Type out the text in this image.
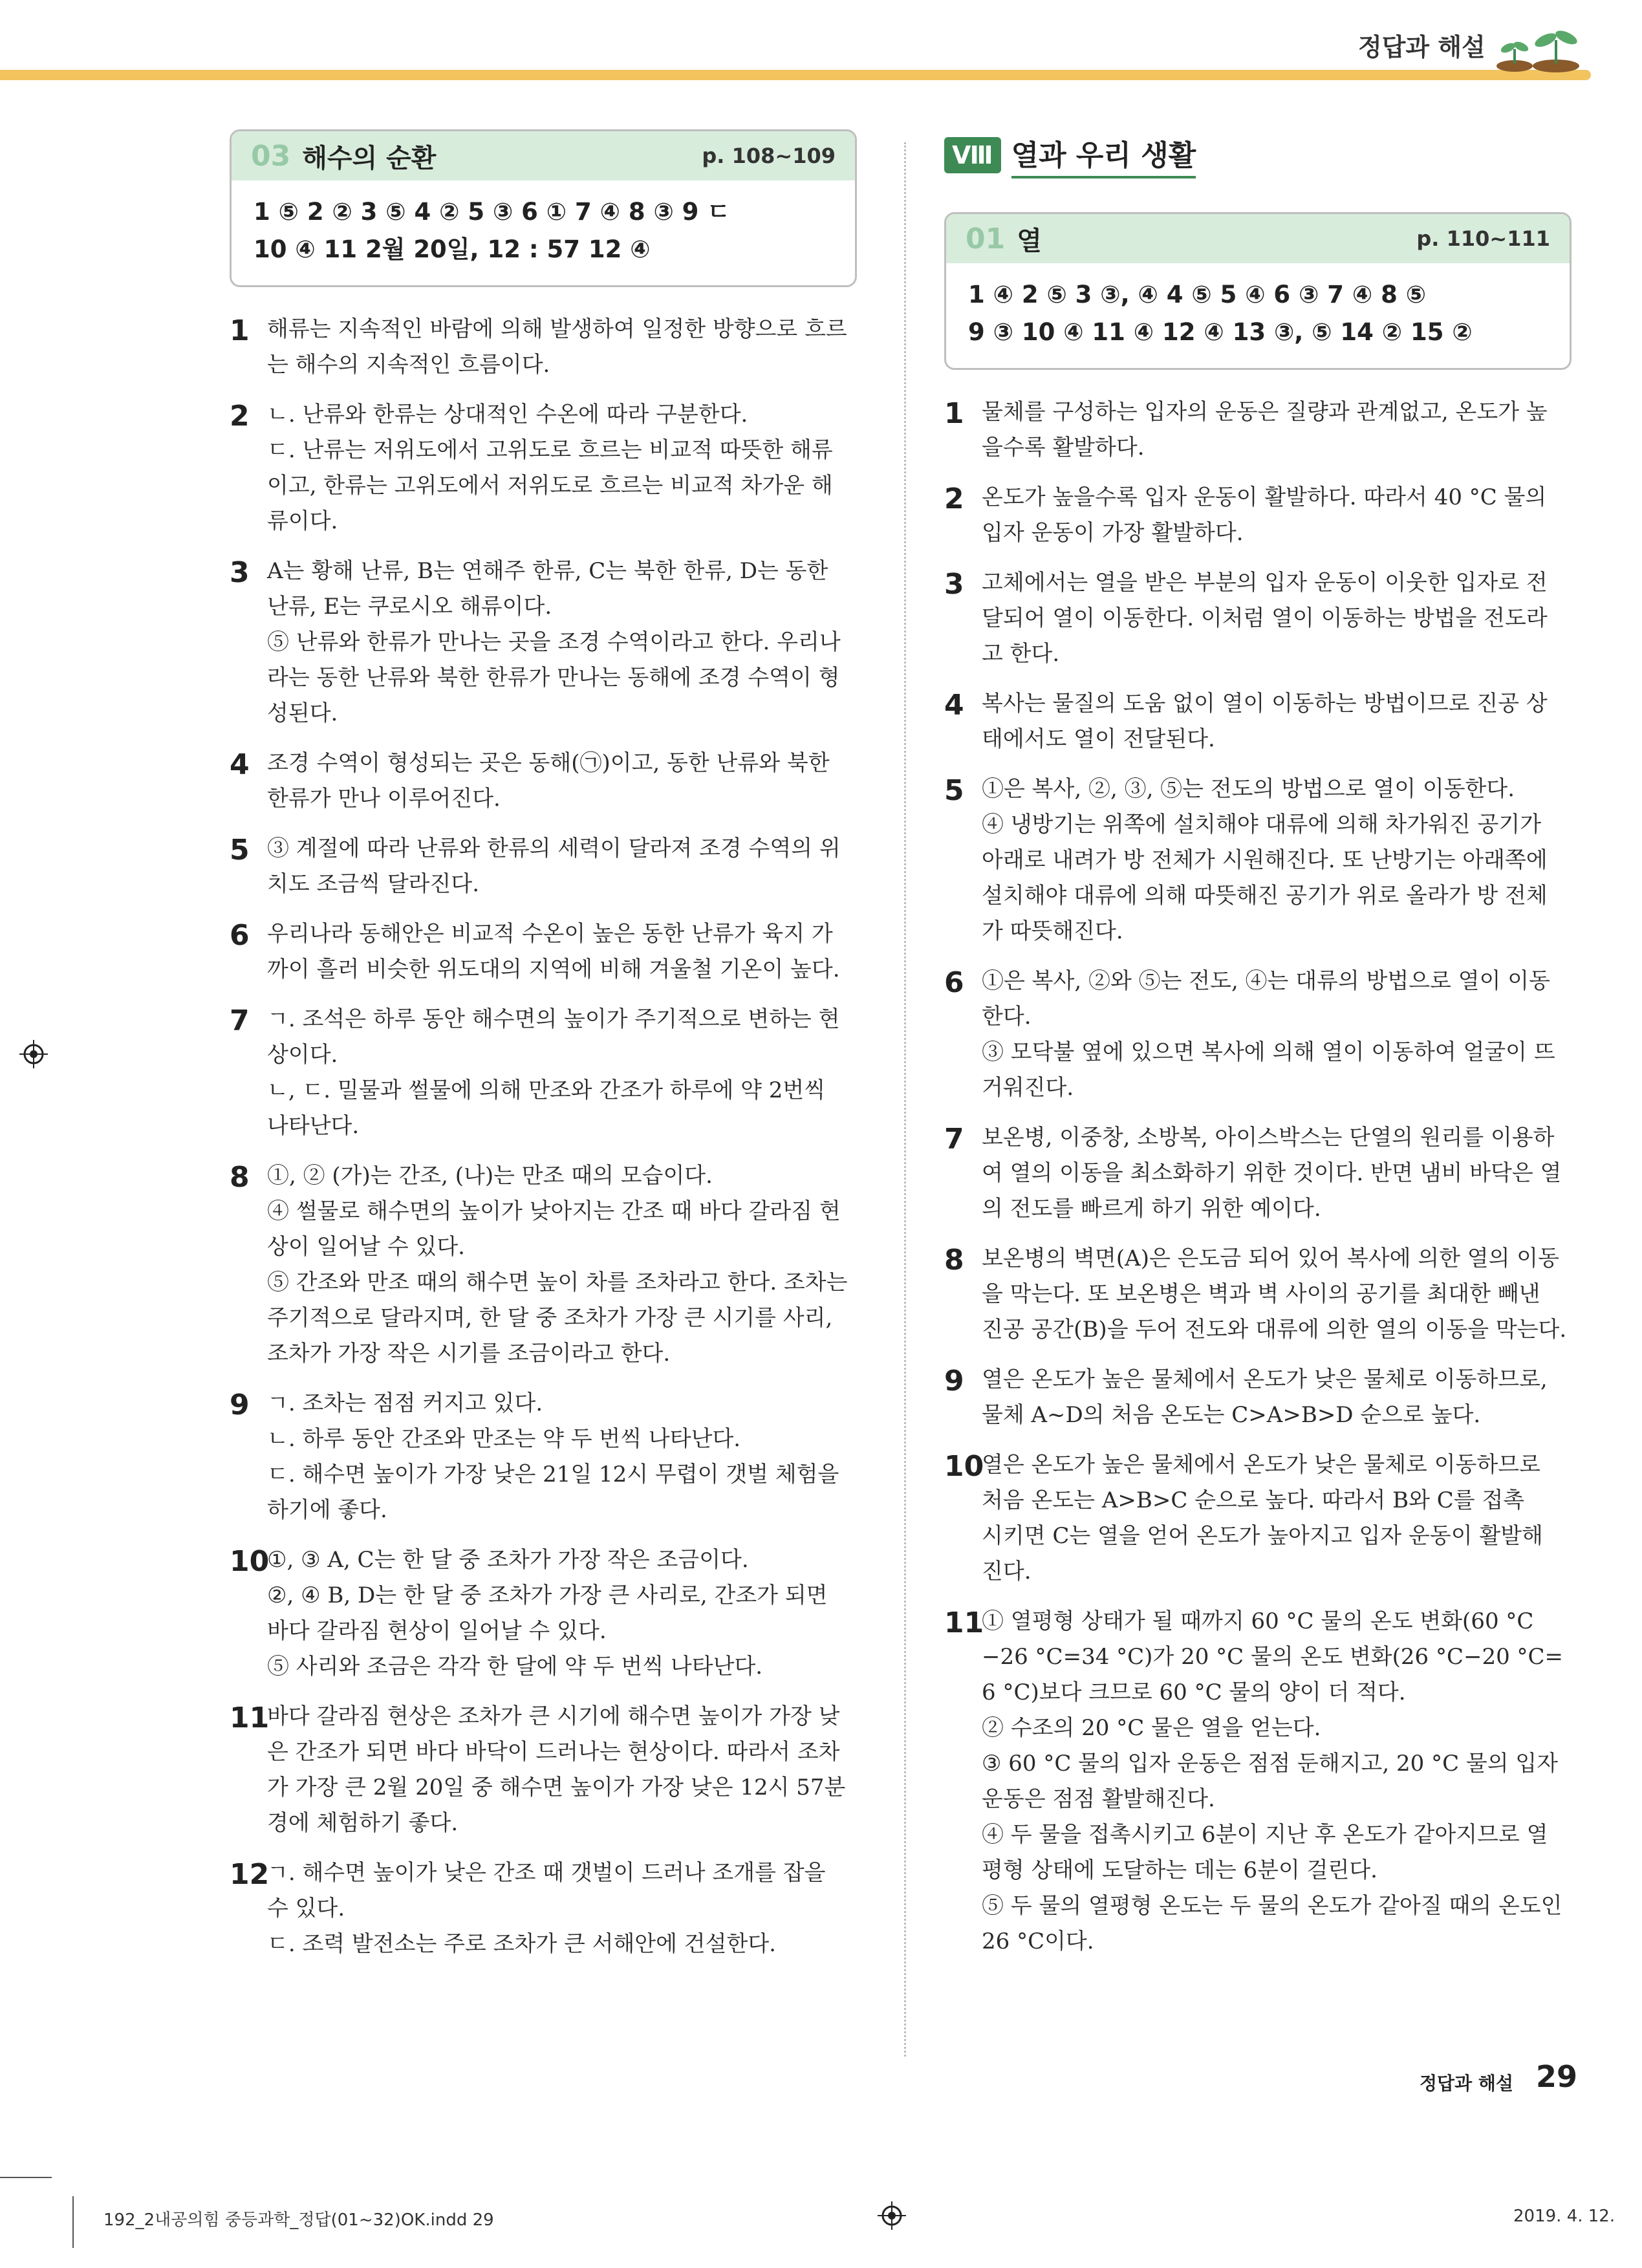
정답과 해설
03 해수의 순환	p. 108~109
1 ⑤ 2 ② 3 ⑤ 4 ② 5 ③ 6 ① 7 ④ 8 ③ 9 ㄷ
10 ④ 11 2월 20일, 12 : 57 12 ④
1 해류는 지속적인 바람에 의해 발생하여 일정한 방향으로 흐르
는 해수의 지속적인 흐름이다.
2 ㄴ. 난류와 한류는 상대적인 수온에 따라 구분한다.
ㄷ. 난류는 저위도에서 고위도로 흐르는 비교적 따뜻한 해류
이고, 한류는 고위도에서 저위도로 흐르는 비교적 차가운 해
류이다.
3 A는 황해 난류, B는 연해주 한류, C는 북한 한류, D는 동한
난류, E는 쿠로시오 해류이다.
⑤ 난류와 한류가 만나는 곳을 조경 수역이라고 한다. 우리나
라는 동한 난류와 북한 한류가 만나는 동해에 조경 수역이 형
성된다.
4 조경 수역이 형성되는 곳은 동해(㉠)이고, 동한 난류와 북한
한류가 만나 이루어진다.
5 ③ 계절에 따라 난류와 한류의 세력이 달라져 조경 수역의 위
치도 조금씩 달라진다.
6 우리나라 동해안은 비교적 수온이 높은 동한 난류가 육지 가
까이 흘러 비슷한 위도대의 지역에 비해 겨울철 기온이 높다.
7 ㄱ. 조석은 하루 동안 해수면의 높이가 주기적으로 변하는 현
상이다.
ㄴ, ㄷ. 밀물과 썰물에 의해 만조와 간조가 하루에 약 2번씩
나타난다.
8 ①, ② (가)는 간조, (나)는 만조 때의 모습이다.
④ 썰물로 해수면의 높이가 낮아지는 간조 때 바다 갈라짐 현
상이 일어날 수 있다.
⑤ 간조와 만조 때의 해수면 높이 차를 조차라고 한다. 조차는
주기적으로 달라지며, 한 달 중 조차가 가장 큰 시기를 사리,
조차가 가장 작은 시기를 조금이라고 한다.
9 ㄱ. 조차는 점점 커지고 있다.
ㄴ. 하루 동안 간조와 만조는 약 두 번씩 나타난다.
ㄷ. 해수면 높이가 가장 낮은 21일 12시 무렵이 갯벌 체험을
하기에 좋다.
10
①, ③ A, C는 한 달 중 조차가 가장 작은 조금이다.
②, ④ B, D는 한 달 중 조차가 가장 큰 사리로, 간조가 되면
바다 갈라짐 현상이 일어날 수 있다.
⑤ 사리와 조금은 각각 한 달에 약 두 번씩 나타난다.
11
바다 갈라짐 현상은 조차가 큰 시기에 해수면 높이가 가장 낮
은 간조가 되면 바다 바닥이 드러나는 현상이다. 따라서 조차
가 가장 큰 2월 20일 중 해수면 높이가 가장 낮은 12시 57분
경에 체험하기 좋다.
12
ㄱ. 해수면 높이가 낮은 간조 때 갯벌이 드러나 조개를 잡을
수 있다.
ㄷ. 조력 발전소는 주로 조차가 큰 서해안에 건설한다.
Ⅷ 열과 우리 생활
01 열	p. 110~111
1 ④ 2 ⑤ 3 ③, ④ 4 ⑤ 5 ④ 6 ③ 7 ④ 8 ⑤
9 ③ 10 ④ 11 ④ 12 ④ 13 ③, ⑤ 14 ② 15 ②
1 물체를 구성하는 입자의 운동은 질량과 관계없고, 온도가 높
을수록 활발하다.
2 온도가 높을수록 입자 운동이 활발하다. 따라서 40 °C 물의
입자 운동이 가장 활발하다.
3 고체에서는 열을 받은 부분의 입자 운동이 이웃한 입자로 전
달되어 열이 이동한다. 이처럼 열이 이동하는 방법을 전도라
고 한다.
4 복사는 물질의 도움 없이 열이 이동하는 방법이므로 진공 상
태에서도 열이 전달된다.
5 ①은 복사, ②, ③, ⑤는 전도의 방법으로 열이 이동한다.
④ 냉방기는 위쪽에 설치해야 대류에 의해 차가워진 공기가
아래로 내려가 방 전체가 시원해진다. 또 난방기는 아래쪽에
설치해야 대류에 의해 따뜻해진 공기가 위로 올라가 방 전체
가 따뜻해진다.
6 ①은 복사, ②와 ⑤는 전도, ④는 대류의 방법으로 열이 이동
한다.
③ 모닥불 옆에 있으면 복사에 의해 열이 이동하여 얼굴이 뜨
거워진다.
7 보온병, 이중창, 소방복, 아이스박스는 단열의 원리를 이용하
여 열의 이동을 최소화하기 위한 것이다. 반면 냄비 바닥은 열
의 전도를 빠르게 하기 위한 예이다.
8 보온병의 벽면(A)은 은도금 되어 있어 복사에 의한 열의 이동
을 막는다. 또 보온병은 벽과 벽 사이의 공기를 최대한 빼낸
진공 공간(B)을 두어 전도와 대류에 의한 열의 이동을 막는다.
9 열은 온도가 높은 물체에서 온도가 낮은 물체로 이동하므로,
물체 A~D의 처음 온도는 C>A>B>D 순으로 높다.
10
열은 온도가 높은 물체에서 온도가 낮은 물체로 이동하므로
처음 온도는 A>B>C 순으로 높다. 따라서 B와 C를 접촉
시키면 C는 열을 얻어 온도가 높아지고 입자 운동이 활발해
진다.
11
① 열평형 상태가 될 때까지 60 °C 물의 온도 변화(60 °C
−26 °C=34 °C)가 20 °C 물의 온도 변화(26 °C−20 °C=
6 °C)보다 크므로 60 °C 물의 양이 더 적다.
② 수조의 20 °C 물은 열을 얻는다.
③ 60 °C 물의 입자 운동은 점점 둔해지고, 20 °C 물의 입자
운동은 점점 활발해진다.
④ 두 물을 접촉시키고 6분이 지난 후 온도가 같아지므로 열
평형 상태에 도달하는 데는 6분이 걸린다.
⑤ 두 물의 열평형 온도는 두 물의 온도가 같아질 때의 온도인
26 °C이다.
정답과 해설 29
192_2내공의힘 중등과학_정답(01~32)OK.indd 29	2019. 4. 12.
